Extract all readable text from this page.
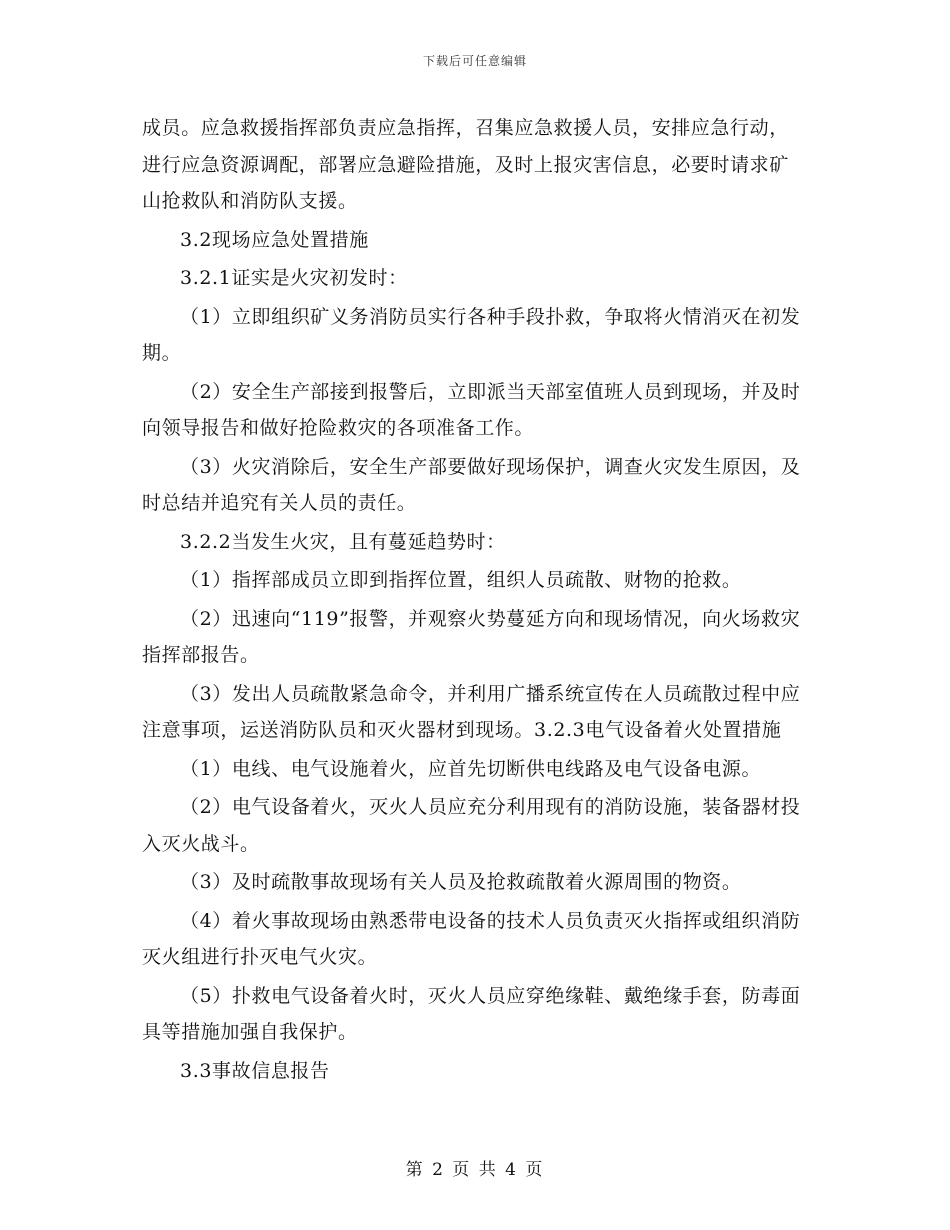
下载后可任意编辑

成员。应急救援指挥部负责应急指挥，召集应急救援人员，安排应急行动，进行应急资源调配，部署应急避险措施，及时上报灾害信息，必要时请求矿山抢救队和消防队支援。

3.2现场应急处置措施

3.2.1证实是火灾初发时：

（1）立即组织矿义务消防员实行各种手段扑救，争取将火情消灭在初发期。

（2）安全生产部接到报警后，立即派当天部室值班人员到现场，并及时向领导报告和做好抢险救灾的各项准备工作。

（3）火灾消除后，安全生产部要做好现场保护，调查火灾发生原因，及时总结并追究有关人员的责任。

3.2.2当发生火灾，且有蔓延趋势时：

（1）指挥部成员立即到指挥位置，组织人员疏散、财物的抢救。

（2）迅速向“119”报警，并观察火势蔓延方向和现场情况，向火场救灾指挥部报告。

（3）发出人员疏散紧急命令，并利用广播系统宣传在人员疏散过程中应注意事项，运送消防队员和灭火器材到现场。3.2.3电气设备着火处置措施

（1）电线、电气设施着火，应首先切断供电线路及电气设备电源。

（2）电气设备着火，灭火人员应充分利用现有的消防设施，装备器材投入灭火战斗。

（3）及时疏散事故现场有关人员及抢救疏散着火源周围的物资。

（4）着火事故现场由熟悉带电设备的技术人员负责灭火指挥或组织消防灭火组进行扑灭电气火灾。

（5）扑救电气设备着火时，灭火人员应穿绝缘鞋、戴绝缘手套，防毒面具等措施加强自我保护。

3.3事故信息报告

第 2 页 共 4 页
